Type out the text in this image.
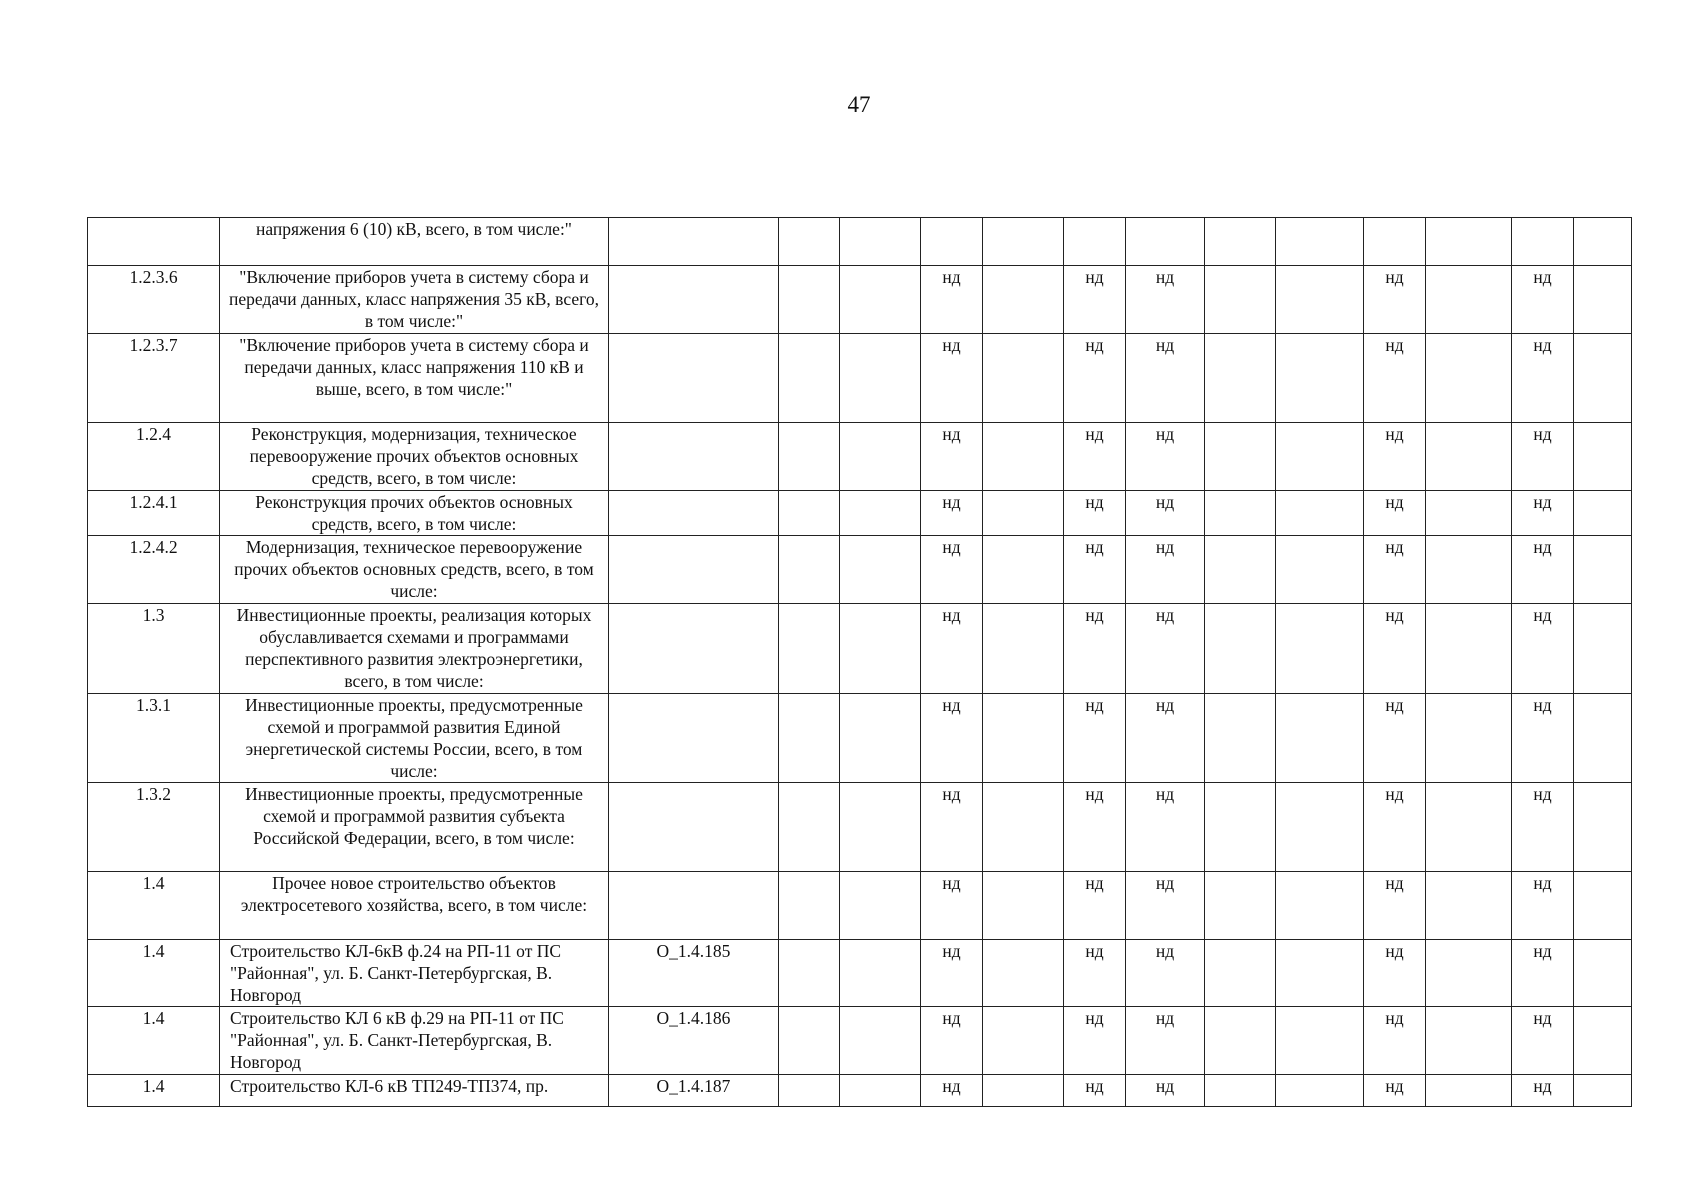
47
	напряжения 6 (10) кВ, всего, в том числе:"													
1.2.3.6	"Включение приборов учета в систему сбора и передачи данных, класс напряжения 35 кВ, всего, в том числе:"				нд		нд	нд			нд		нд	
1.2.3.7	"Включение приборов учета в систему сбора и передачи данных, класс напряжения 110 кВ и выше, всего, в том числе:"				нд		нд	нд			нд		нд	
1.2.4	Реконструкция, модернизация, техническое перевооружение прочих объектов основных средств, всего, в том числе:				нд		нд	нд			нд		нд	
1.2.4.1	Реконструкция прочих объектов основных средств, всего, в том числе:				нд		нд	нд			нд		нд	
1.2.4.2	Модернизация, техническое перевооружение прочих объектов основных средств, всего, в том числе:				нд		нд	нд			нд		нд	
1.3	Инвестиционные проекты, реализация которых обуславливается схемами и программами перспективного развития электроэнергетики, всего, в том числе:				нд		нд	нд			нд		нд	
1.3.1	Инвестиционные проекты, предусмотренные схемой и программой развития Единой энергетической системы России, всего, в том числе:				нд		нд	нд			нд		нд	
1.3.2	Инвестиционные проекты, предусмотренные схемой и программой развития субъекта Российской Федерации, всего, в том числе:				нд		нд	нд			нд		нд	
1.4	Прочее новое строительство объектов электросетевого хозяйства, всего, в том числе:				нд		нд	нд			нд		нд	
1.4	Строительство КЛ-6кВ ф.24 на РП-11 от ПС "Районная", ул. Б. Санкт-Петербургская, В. Новгород	O_1.4.185			нд		нд	нд			нд		нд	
1.4	Строительство КЛ 6 кВ ф.29 на РП-11 от ПС "Районная", ул. Б. Санкт-Петербургская, В. Новгород	O_1.4.186			нд		нд	нд			нд		нд	
1.4	Строительство КЛ-6 кВ ТП249-ТП374, пр.	O_1.4.187			нд		нд	нд			нд		нд	
